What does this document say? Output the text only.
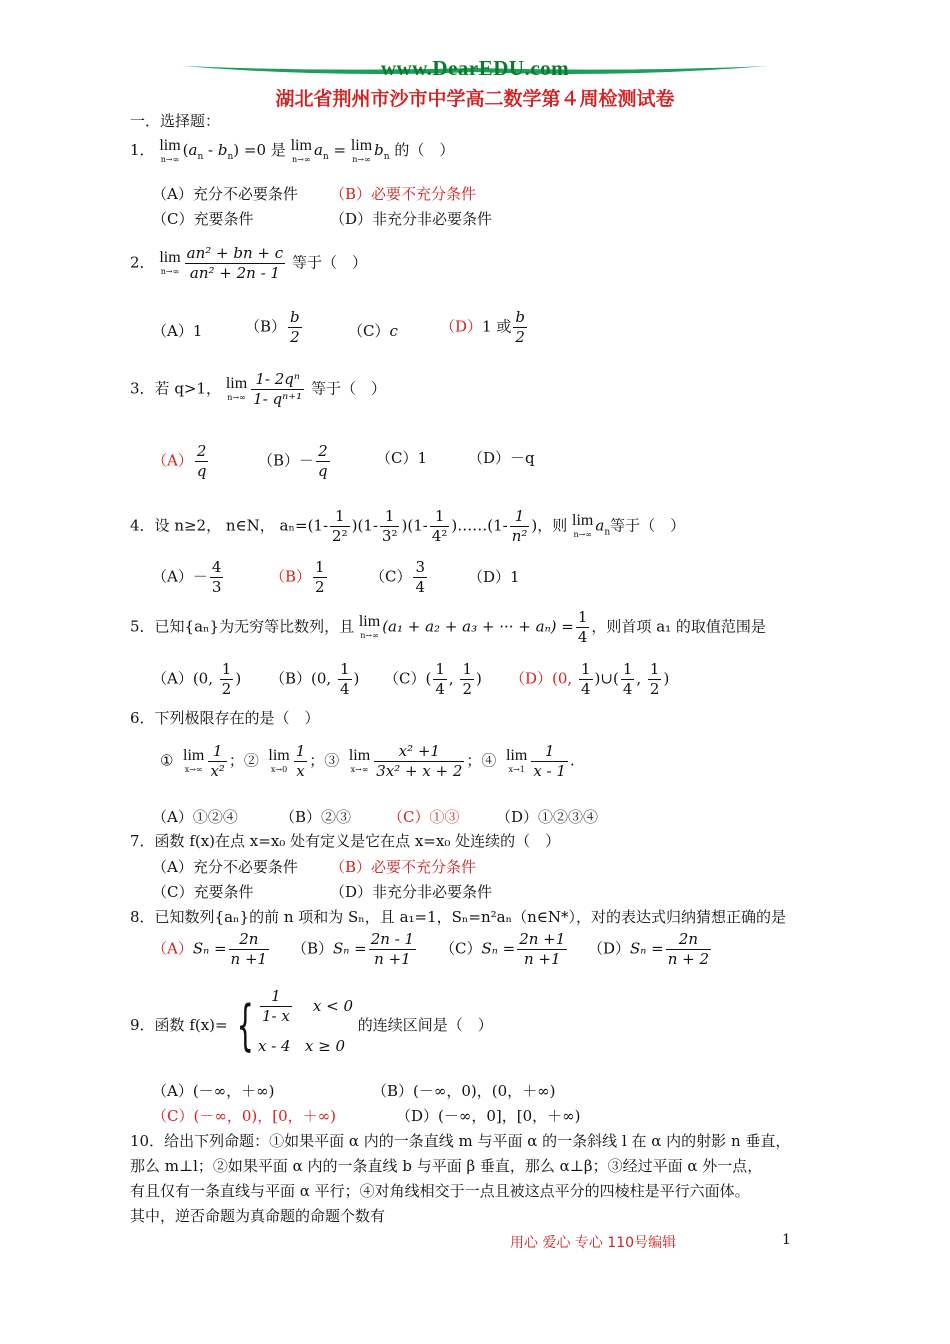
www.DearEDU.com
湖北省荆州市沙市中学高二数学第４周检测试卷
一．选择题：
1． lim
n→∞
$(a_n - b_n) =0$ 是 lim
n→∞
$a_n = \lim$
n→∞
$b_n$ 的（　）
（A）充分不必要条件 （B）必要不充分条件
（C）充要条件	（D）非充分非必要条件
2． lim
$n\to\infty \frac{\text{an² + bn + c}}{\text{an² + 2n - 1}}$ 等于（　）
（A）1	$(B) \frac{b}{2}$	（C）c	（D）1 或 $\frac{b}{2}$
3．若 q>1， lim
$n\to\infty \frac{\text{1- 2qⁿ}}{\text{1- qⁿ⁺¹}}$ 等于（　）
$(A) \frac{2}{q}$	$(B)- \frac{2}{q}$	（C）1	（D）－q
4．设 n≥2， n∈N， $a_n=(1- \frac{1}{\text{2²}} )(1- \frac{1}{\text{3²}} )(1- \frac{1}{\text{4²}}$ )……(1- $\frac{1}{\text{n²}}$ )，则 lim
n→∞
$a_n$等于（　）
$(A)- \frac{4}{3}$	$(B) \frac{1}{2}$	$(C) \frac{3}{4}$	（D）1
5．已知{aₙ}为无穷等比数列，且 lim
n→∞
(a₁ + a₂ + a₃ + ··· + $a_n) = \frac{1}{4}$ ，则首项 a₁ 的取值范围是
（A）(0, $\frac{1}{2}$ ) （B）(0, $\frac{1}{4}$ ) $(C)( \frac{1}{4}$ , $\frac{1}{2}$ ) （D）(0, $\frac{1}{4}$ )∪( $\frac{1}{4}$ , $\frac{1}{2}$ )
6．下列极限存在的是（　）
① lim
$x\to\infty \frac{1}{\text{x²}}$ ；② lim
$x\to 0 \frac{1}{x}$ ；③ lim
$x\to\infty \frac{\text{x² +1}}{\text{3x² + x + 2}}$ ；④ lim
$x\to 1 \frac{1}{x - 1}$ .
（A）①②④	（B）②③ （C）①③ （D）①②③④
7．函数 f(x)在点 x=x₀ 处有定义是它在点 x=x₀ 处连续的（　）
（A）充分不必要条件 （B）必要不充分条件
（C）充要条件	（D）非充分非必要条件
8．已知数列{aₙ}的前 n 项和为 Sₙ，且 a₁=1，Sₙ=n²aₙ（n∈N*），对的表达式归纳猜想正确的是
$(A)S_n = \frac{2n}{n +1} (B)S_n = \frac{2n - 1}{n +1} (C)S_n = \frac{2n +1}{n +1} (D)S_n = \frac{2n}{n + 2}$
9．函数 f(x)= { $\frac{1}{1- x}$
x < 0
x - 4
x ≥ 0
的连续区间是（　）
（A）(－∞，＋∞)	（B）(－∞，0)，(0，＋∞)
（C）(－∞，0)，[0，＋∞)	（D）(－∞，0]，[0，＋∞)
10．给出下列命题：①如果平面 α 内的一条直线 m 与平面 α 的一条斜线 l 在 α 内的射影 n 垂直，
那么 m⊥l；②如果平面 α 内的一条直线 b 与平面 β 垂直，那么 α⊥β；③经过平面 α 外一点，
有且仅有一条直线与平面 α 平行；④对角线相交于一点且被这点平分的四棱柱是平行六面体。
其中，逆否命题为真命题的命题个数有
用心 爱心 专心 110号编辑	1
